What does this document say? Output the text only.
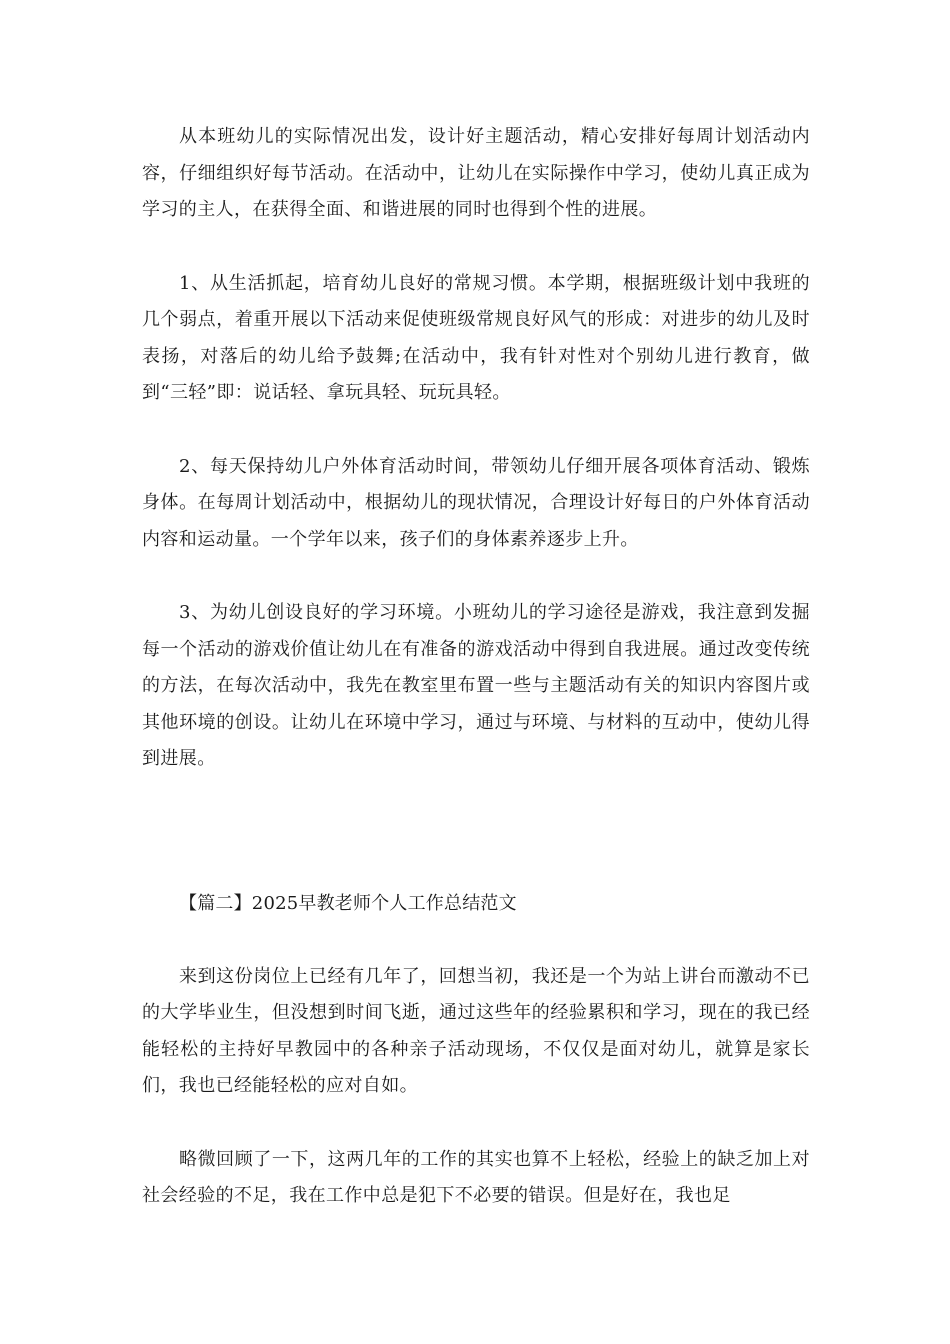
从本班幼儿的实际情况出发，设计好主题活动，精心安排好每周计划活动内容，仔细组织好每节活动。在活动中，让幼儿在实际操作中学习，使幼儿真正成为学习的主人，在获得全面、和谐进展的同时也得到个性的进展。

1、从生活抓起，培育幼儿良好的常规习惯。本学期，根据班级计划中我班的几个弱点，着重开展以下活动来促使班级常规良好风气的形成：对进步的幼儿及时表扬，对落后的幼儿给予鼓舞;在活动中，我有针对性对个别幼儿进行教育，做到“三轻”即：说话轻、拿玩具轻、玩玩具轻。

2、每天保持幼儿户外体育活动时间，带领幼儿仔细开展各项体育活动、锻炼身体。在每周计划活动中，根据幼儿的现状情况，合理设计好每日的户外体育活动内容和运动量。一个学年以来，孩子们的身体素养逐步上升。

3、为幼儿创设良好的学习环境。小班幼儿的学习途径是游戏，我注意到发掘每一个活动的游戏价值让幼儿在有准备的游戏活动中得到自我进展。通过改变传统的方法，在每次活动中，我先在教室里布置一些与主题活动有关的知识内容图片或其他环境的创设。让幼儿在环境中学习，通过与环境、与材料的互动中，使幼儿得到进展。

【篇二】2025早教老师个人工作总结范文

来到这份岗位上已经有几年了，回想当初，我还是一个为站上讲台而激动不已的大学毕业生，但没想到时间飞逝，通过这些年的经验累积和学习，现在的我已经能轻松的主持好早教园中的各种亲子活动现场，不仅仅是面对幼儿，就算是家长们，我也已经能轻松的应对自如。

略微回顾了一下，这两几年的工作的其实也算不上轻松，经验上的缺乏加上对社会经验的不足，我在工作中总是犯下不必要的错误。但是好在，我也足
